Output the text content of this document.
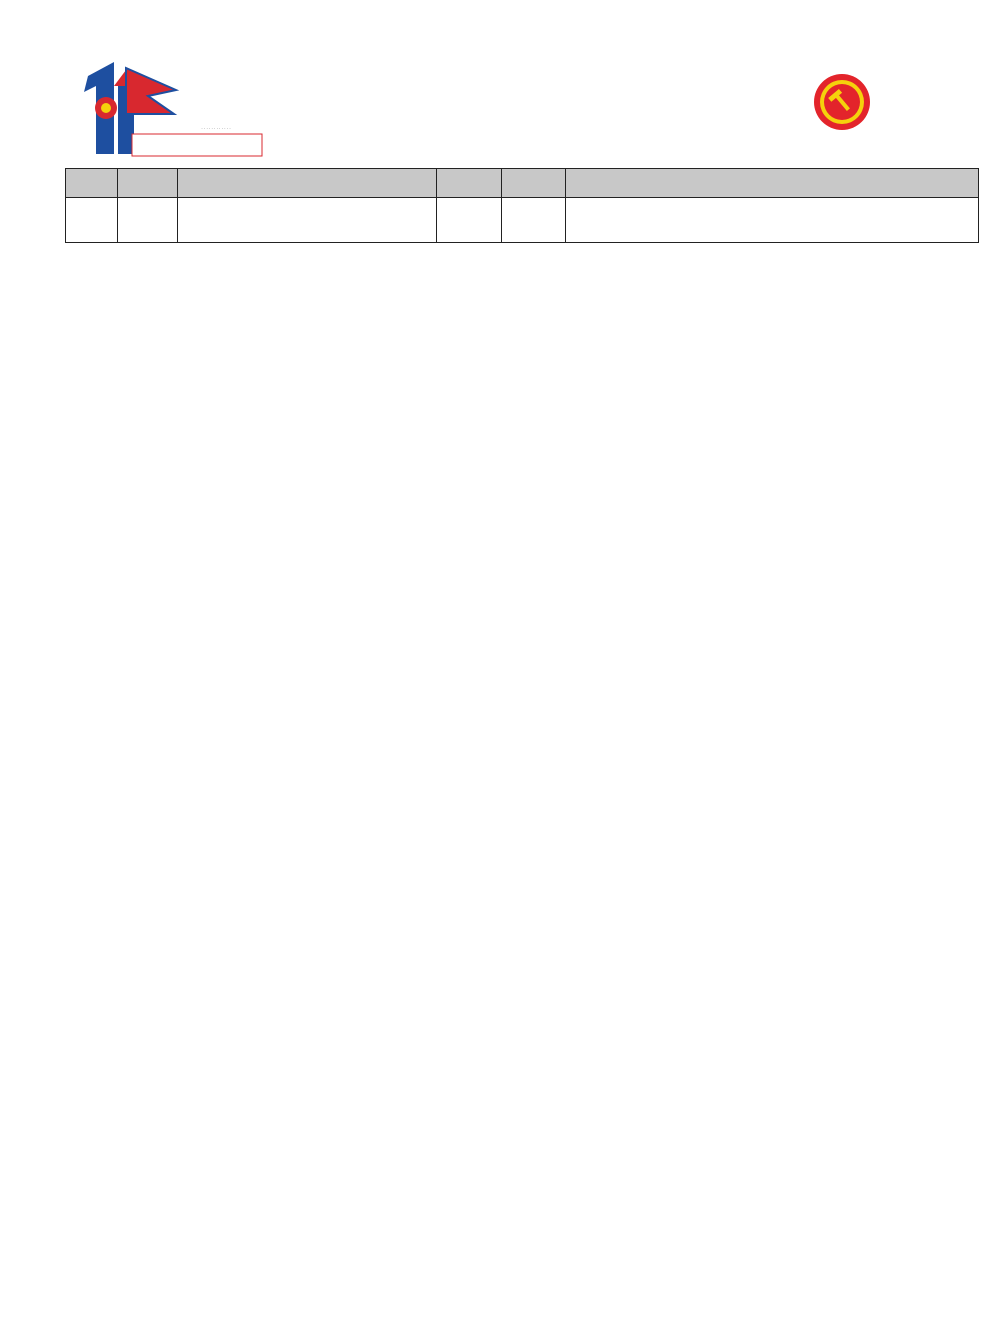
· · · · · · · · · · · ·
